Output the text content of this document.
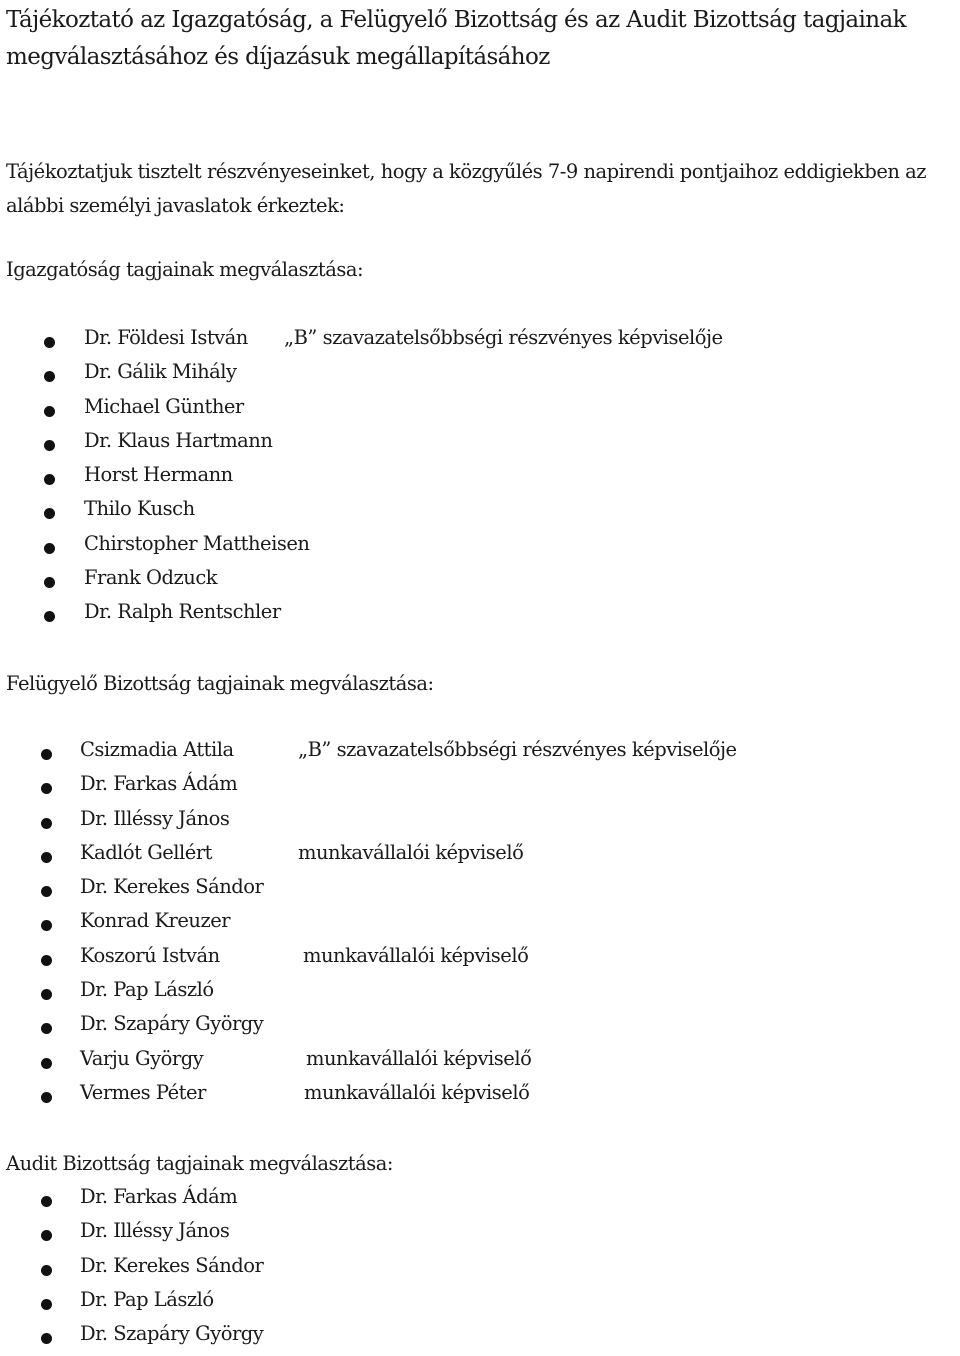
Tájékoztató az Igazgatóság, a Felügyelő Bizottság és az Audit Bizottság tagjainak megválasztásához és díjazásuk megállapításához

Tájékoztatjuk tisztelt részvényeseinket, hogy a közgyűlés 7-9 napirendi pontjaihoz eddigiekben az alábbi személyi javaslatok érkeztek:

Igazgatóság tagjainak megválasztása:
Dr. Földesi István „B” szavazatelsőbbségi részvényes képviselője
Dr. Gálik Mihály
Michael Günther
Dr. Klaus Hartmann
Horst Hermann
Thilo Kusch
Chirstopher Mattheisen
Frank Odzuck
Dr. Ralph Rentschler
Felügyelő Bizottság tagjainak megválasztása:
Csizmadia Attila	„B” szavazatelsőbbségi részvényes képviselője
Dr. Farkas Ádám
Dr. Illéssy János
Kadlót Gellért	munkavállalói képviselő
Dr. Kerekes Sándor
Konrad Kreuzer
Koszorú István	munkavállalói képviselő
Dr. Pap László
Dr. Szapáry György
Varju György	munkavállalói képviselő
Vermes Péter	munkavállalói képviselő
Audit Bizottság tagjainak megválasztása:
Dr. Farkas Ádám
Dr. Illéssy János
Dr. Kerekes Sándor
Dr. Pap László
Dr. Szapáry György
